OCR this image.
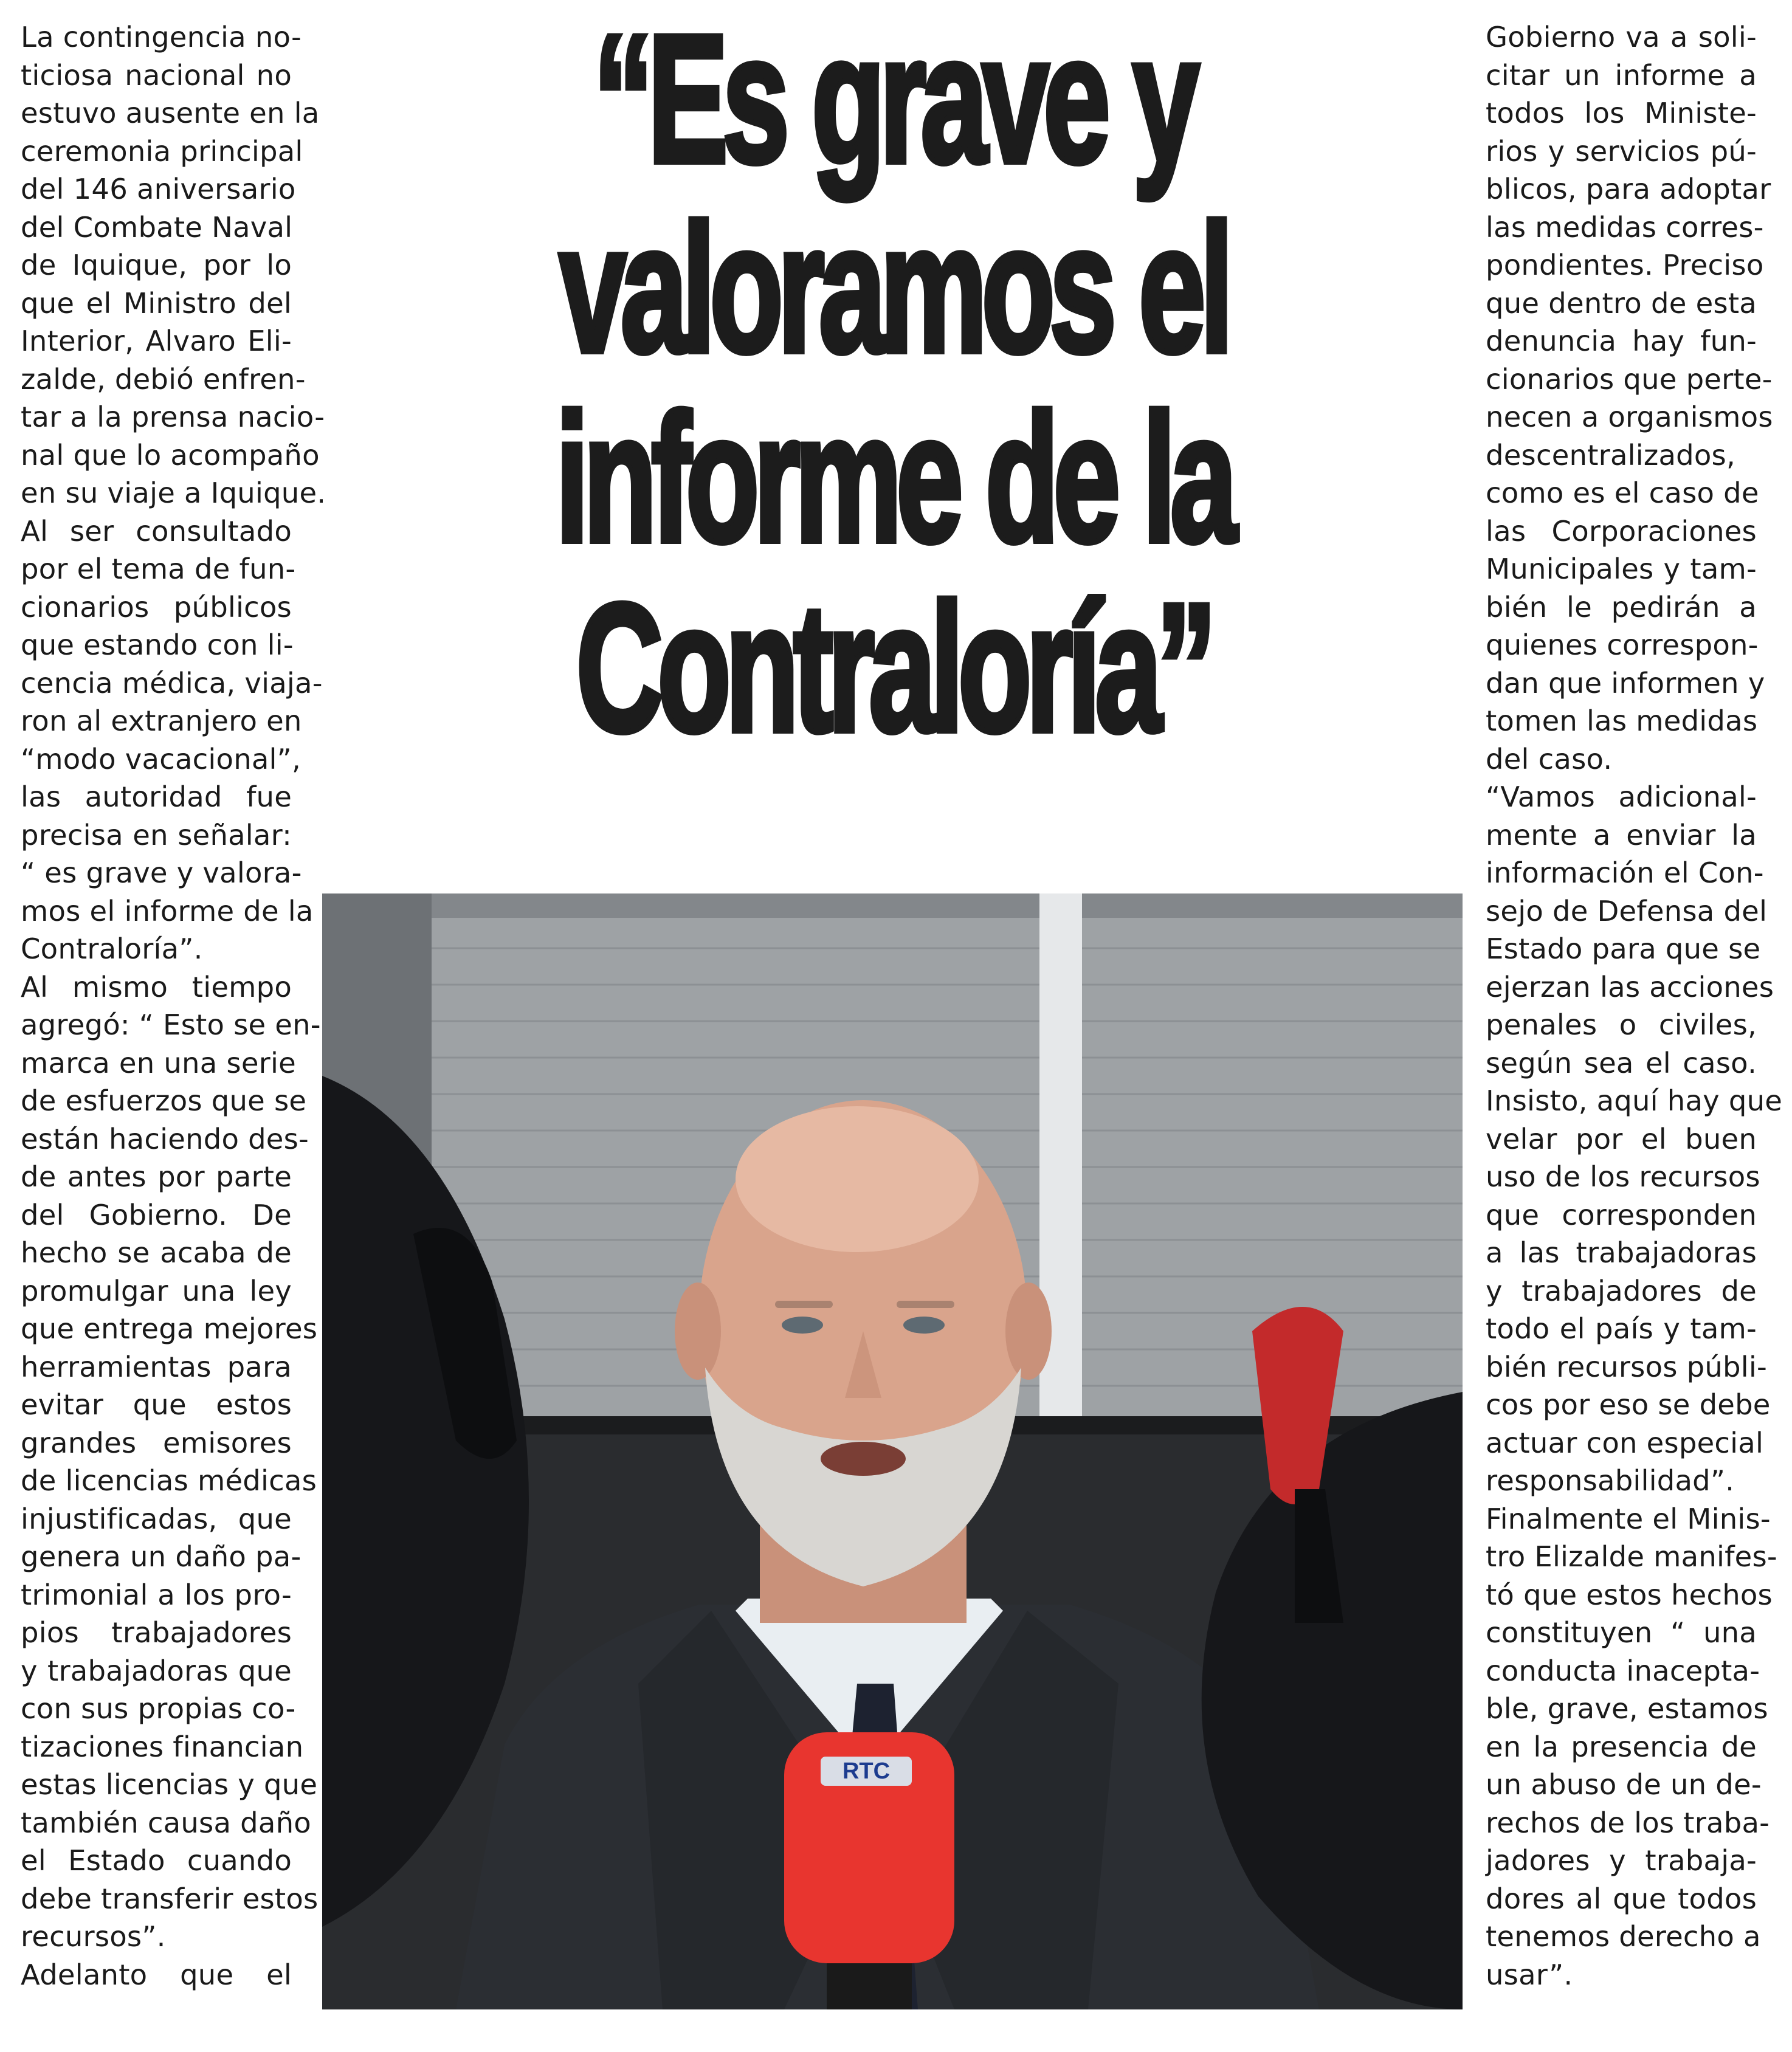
La contingencia no-

ticiosa nacional no

estuvo ausente en la

ceremonia principal

del 146 aniversario

del Combate Naval

de Iquique, por lo

que el Ministro del

Interior, Alvaro Eli-

zalde, debió enfren-

tar a la prensa nacio-

nal que lo acompaño

en su viaje a Iquique.

Al ser consultado

por el tema de fun-

cionarios públicos

que estando con li-

cencia médica, viaja-

ron al extranjero en

“modo vacacional”,

las autoridad fue

precisa en señalar:

“ es grave y valora-

mos el informe de la

Contraloría”.

Al mismo tiempo

agregó: “ Esto se en-

marca en una serie

de esfuerzos que se

están haciendo des-

de antes por parte

del Gobierno. De

hecho se acaba de

promulgar una ley

que entrega mejores

herramientas para

evitar que estos

grandes emisores

de licencias médicas

injustificadas, que

genera un daño pa-

trimonial a los pro-

pios trabajadores

y trabajadoras que

con sus propias co-

tizaciones financian

estas licencias y que

también causa daño

el Estado cuando

debe transferir estos

recursos”.

Adelanto que el

“Es grave y
valoramos el
informe de la
Contraloría”
RTC

Gobierno va a soli-

citar un informe a

todos los Ministe-

rios y servicios pú-

blicos, para adoptar

las medidas corres-

pondientes. Preciso

que dentro de esta

denuncia hay fun-

cionarios que perte-

necen a organismos

descentralizados,

como es el caso de

las Corporaciones

Municipales y tam-

bién le pedirán a

quienes correspon-

dan que informen y

tomen las medidas

del caso.

“Vamos adicional-

mente a enviar la

información el Con-

sejo de Defensa del

Estado para que se

ejerzan las acciones

penales o civiles,

según sea el caso.

Insisto, aquí hay que

velar por el buen

uso de los recursos

que corresponden

a las trabajadoras

y trabajadores de

todo el país y tam-

bién recursos públi-

cos por eso se debe

actuar con especial

responsabilidad”.

Finalmente el Minis-

tro Elizalde manifes-

tó que estos hechos

constituyen “ una

conducta inacepta-

ble, grave, estamos

en la presencia de

un abuso de un de-

rechos de los traba-

jadores y trabaja-

dores al que todos

tenemos derecho a

usar”.
